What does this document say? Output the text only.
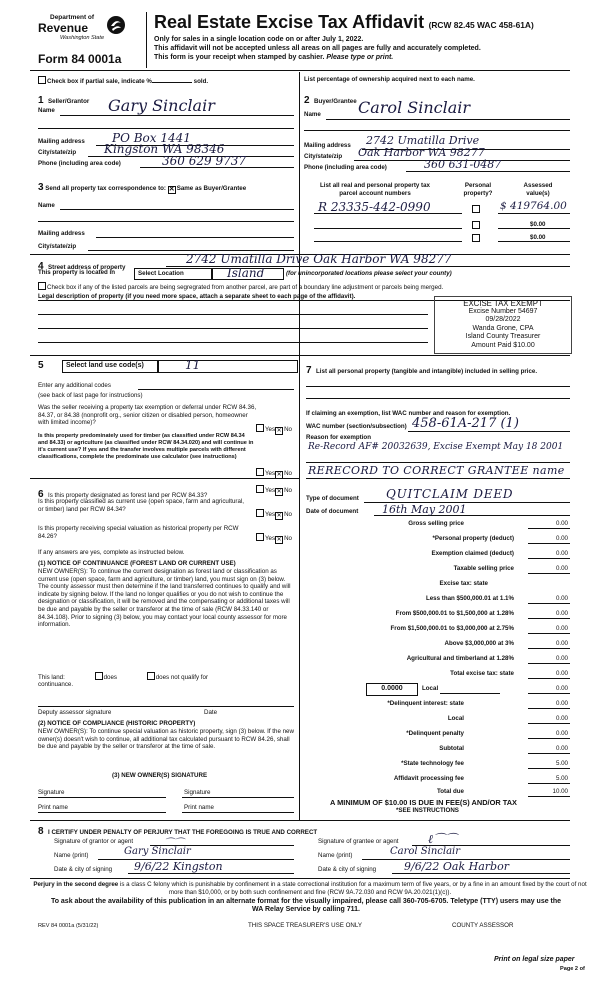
Department of
Revenue
Washington State
Form 84 0001a
Real Estate Excise Tax Affidavit (RCW 82.45 WAC 458-61A)
Only for sales in a single location code on or after July 1, 2022.
This affidavit will not be accepted unless all areas on all pages are fully and accurately completed.
This form is your receipt when stamped by cashier. Please type or print.
Check box if partial sale, indicate %	sold.	List percentage of ownership acquired next to each name.
1 Seller/Grantor
Name	Gary Sinclair
Mailing address PO Box 1441
City/state/zip Kingston WA 98346
Phone (including area code)	360 629 9737
2 Buyer/Grantee
Name Carol Sinclair
Mailing address 2742 Umatilla Drive
City/state/zip Oak Harbor WA 98277
Phone (including area code)	360 631-0487
3 Send all property tax correspondence to: ✕ Same as Buyer/Grantee
Name
Mailing address
City/state/zip
List all real and personal property tax parcel account numbers
Personal property?
Assessed value(s)
R 23335-442-0990	$ 419764.00
$0.00
$0.00
4 Street address of property
2742 Umatilla Drive Oak Harbor WA 98277
This property is located in	Select Location	Island	(for unincorporated locations please select your county)
Check box if any of the listed parcels are being segregrated from another parcel, are part of a boundary line adjustment or parcels being merged.
Legal description of property (if you need more space, attach a separate sheet to each page of the affidavit).
EXCISE TAX EXEMPT
Excise Number 54697
09/28/2022
Wanda Grone, CPA
Island County Treasurer
Amount Paid $10.00
5	Select land use code(s)	11
Enter any additional codes
(see back of last page for instructions)
Was the seller receiving a property tax exemption or deferral under RCW 84.36, 84.37, or 84.38 (nonprofit org., senior citizen or disabled person, homeowner with limited income)?
Yes✕ No
Is this property predominately used for timber (as classified under RCW 84.34 and 84.33) or agriculture (as classified under RCW 84.34.020) and will continue in it's current use? If yes and the transfer involves multiple parcels with different classifications, complete the predominate use calculator (see instructions)
Yes✕ No
6 Is this property designated as forest land per RCW 84.33?
Yes✕ No
Is this property classified as current use (open space, farm and agricultural, or timber) land per RCW 84.34?
Yes✕ No
Is this property receiving special valuation as historical property per RCW 84.26?	Yes✕ No
If any answers are yes, complete as instructed below.
(1) NOTICE OF CONTINUANCE (FOREST LAND OR CURRENT USE)
NEW OWNER(S): To continue the current designation as forest land or classification as current use (open space, farm and agriculture, or timber) land, you must sign on (3) below. The county assessor must then determine if the land transferred continues to qualify and will indicate by signing below. If the land no longer qualifies or you do not wish to continue the designation or classification, it will be removed and the compensating or additional taxes will be due and payable by the seller or transferor at the time of sale (RCW 84.33.140 or 84.34.108). Prior to signing (3) below, you may contact your local county assessor for more information.
This land:	does	does not qualify for
continuance.
Deputy assessor signature	Date
(2) NOTICE OF COMPLIANCE (HISTORIC PROPERTY)
NEW OWNER(S): To continue special valuation as historic property, sign (3) below. If the new owner(s) doesn't wish to continue, all additional tax calculated pursuant to RCW 84.26, shall be due and payable by the seller or transferor at the time of sale.
(3) NEW OWNER(S) SIGNATURE
Signature	Signature
Print name	Print name
7 List all personal property (tangible and intangible) included in selling price.
If claiming an exemption, list WAC number and reason for exemption.
WAC number (section/subsection) 458-61A-217 (1)
Reason for exemption
Re-Record AF# 20032639, Excise Exempt May 18 2001
RERECORD TO CORRECT GRANTEE name
Type of document QUITCLAIM DEED
Date of document 16th May 2001
Gross selling price	0.00
*Personal property (deduct)	0.00
Exemption claimed (deduct)	0.00
Taxable selling price	0.00
Excise tax: state
Less than $500,000.01 at 1.1%	0.00
From $500,000.01 to $1,500,000 at 1.28%	0.00
From $1,500,000.01 to $3,000,000 at 2.75%	0.00
Above $3,000,000 at 3%	0.00
Agricultural and timberland at 1.28%	0.00
Total excise tax: state	0.00
0.0000	Local	0.00
*Delinquent interest: state	0.00
Local	0.00
*Delinquent penalty	0.00
Subtotal	0.00
*State technology fee	5.00
Affidavit processing fee	5.00
Total due	10.00
A MINIMUM OF $10.00 IS DUE IN FEE(S) AND/OR TAX
*SEE INSTRUCTIONS
8 I CERTIFY UNDER PENALTY OF PERJURY THAT THE FOREGOING IS TRUE AND CORRECT
Signature of grantor or agent	⌒⌒
Name (print)	Gary Sinclair
Date & city of signing 9/6/22 Kingston
Signature of grantee or agent ℓ⌒⌒
Name (print)	Carol Sinclair
Date & city of signing	9/6/22 Oak Harbor
Perjury in the second degree is a class C felony which is punishable by confinement in a state correctional institution for a maximum term of five years, or by a fine in an amount fixed by the court of not more than $10,000, or by both such confinement and fine (RCW 9A.72.030 and RCW 9A.20.021(1)(c)).
To ask about the availability of this publication in an alternate format for the visually impaired, please call 360-705-6705. Teletype (TTY) users may use the WA Relay Service by calling 711.
REV 84 0001a (5/31/22)	THIS SPACE TREASURER'S USE ONLY	COUNTY ASSESSOR
Print on legal size paper
Page 2 of
